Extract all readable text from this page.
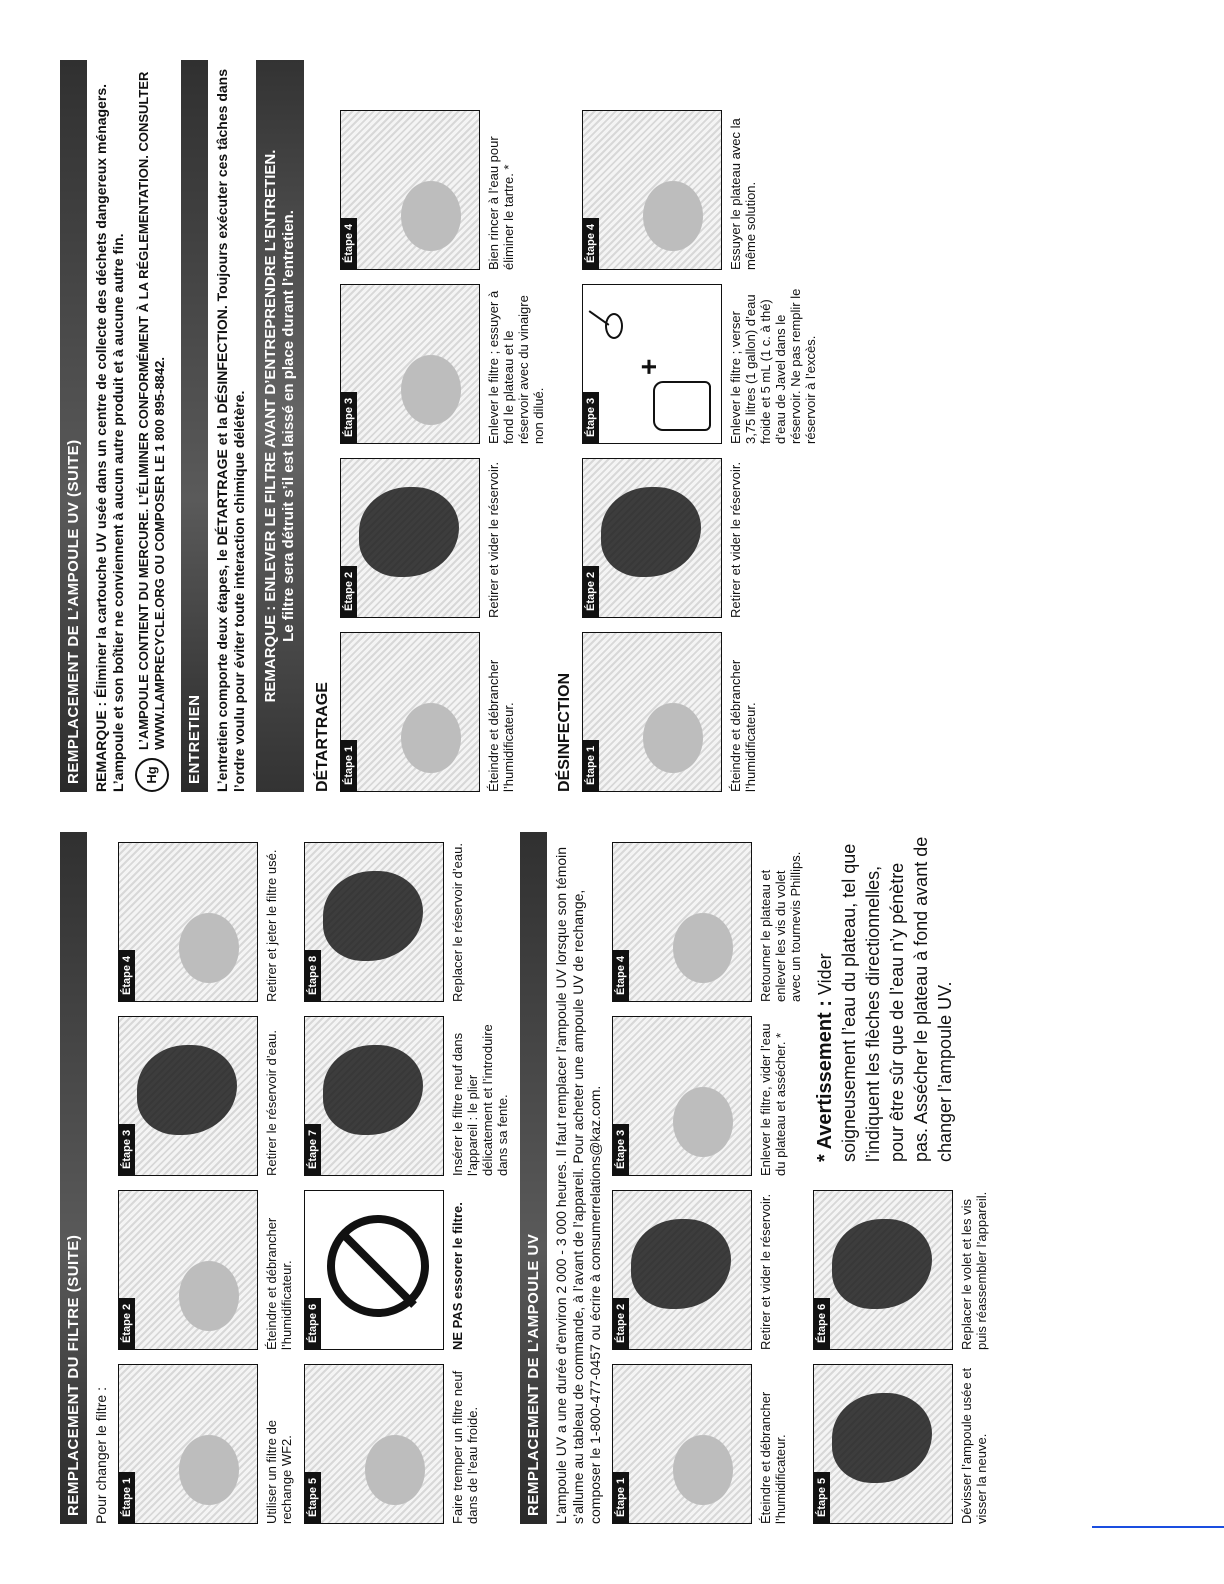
REMPLACEMENT DU FILTRE (SUITE) Pour changer le filtre : Étape 1	Utiliser un filtre de rechange WF2.
Étape 2	Éteindre et débrancher l’humidificateur.
Étape 3	Retirer le réservoir d’eau.
Étape 4	Retirer et jeter le filtre usé.
Étape 5	Faire tremper un filtre neuf dans de l’eau froide.
Étape 6	NE PAS essorer le filtre.
Étape 7	Insérer le filtre neuf dans l’appareil : le plier délicatement et l’introduire dans sa fente.
Étape 8	Replacer le réservoir d’eau.
REMPLACEMENT DE L’AMPOULE UV L’ampoule UV a une durée d’environ 2 000 - 3 000 heures. Il faut remplacer l’ampoule UV lorsque son témoin s’allume au tableau de commande, à l’avant de l’appareil. Pour acheter une ampoule UV de rechange, composer le 1-800-477-0457 ou écrire à consumerrelations@kaz.com. Étape 1	Éteindre et débrancher l’humidificateur.
Étape 2	Retirer et vider le réservoir.
Étape 3	Enlever le filtre, vider l’eau du plateau et assécher. *
Étape 4	Retourner le plateau et enlever les vis du volet avec un tournevis Phillips.
Étape 5	Dévisser l’ampoule usée et visser la neuve.
Étape 6	Replacer le volet et les vis puis réassembler l’appareil.
* Avertissement : Vider soigneusement l’eau du plateau, tel que l’indiquent les flèches directionnelles, pour être sûr que de l’eau n’y pénètre pas. Assécher le plateau à fond avant de changer l’ampoule UV.
REMPLACEMENT DE L’AMPOULE UV (SUITE) REMARQUE : Éliminer la cartouche UV usée dans un centre de collecte des déchets dangereux ménagers. L’ampoule et son boîtier ne conviennent à aucun autre produit et à aucune autre fin.	Hg
L’AMPOULE CONTIENT DU MERCURE. L’ÉLIMINER CONFORMÉMENT À LA RÉGLEMENTATION. CONSULTER WWW.LAMPRECYCLE.ORG OU COMPOSER LE 1 800 895-8842.	ENTRETIEN L’entretien comporte deux étapes, le DÉTARTRAGE et la DÉSINFECTION. Toujours exécuter ces tâches dans l’ordre voulu pour éviter toute interaction chimique délétère. REMARQUE : ENLEVER LE FILTRE AVANT D’ENTREPRENDRE L’ENTRETIEN. Le filtre sera détruit s’il est laissé en place durant l’entretien.
DÉTARTRAGE Étape 1	Éteindre et débrancher l’humidificateur.
Étape 2	Retirer et vider le réservoir.
Étape 3	Enlever le filtre ; essuyer à fond le plateau et le réservoir avec du vinaigre non dilué.
Étape 4	Bien rincer à l’eau pour éliminer le tartre. *
DÉSINFECTION Étape 1	Éteindre et débrancher l’humidificateur.
Étape 2	Retirer et vider le réservoir.
Étape 3
+	Enlever le filtre ; verser 3,75 litres (1 gallon) d’eau froide et 5 mL (1 c. à thé) d’eau de Javel dans le réservoir. Ne pas remplir le réservoir à l’excès.
Étape 4	Essuyer le plateau avec la même solution.
